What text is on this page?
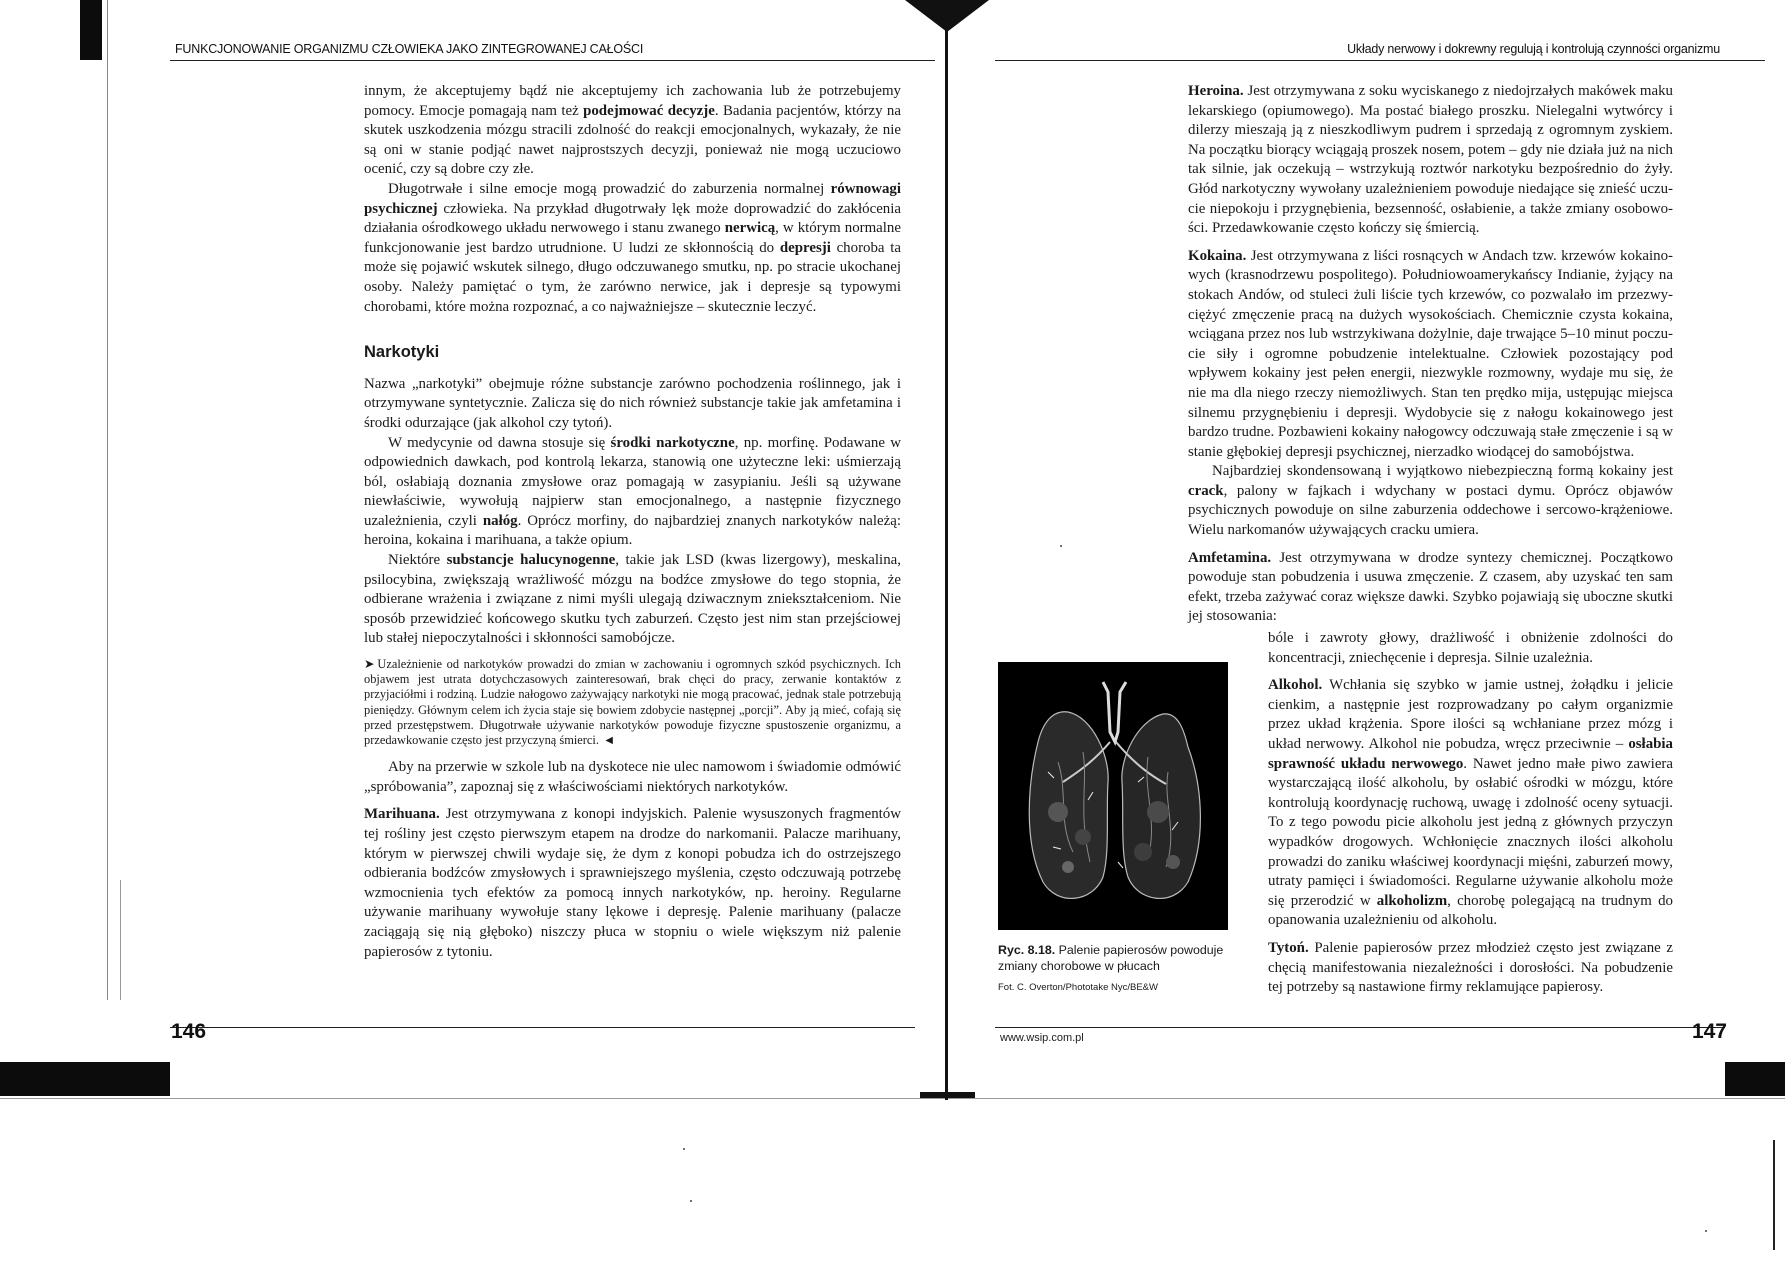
FUNKCJONOWANIE ORGANIZMU CZŁOWIEKA JAKO ZINTEGROWANEJ CAŁOŚCI

innym, że akceptujemy bądź nie akceptujemy ich zachowania lub że potrzebujemy pomocy. Emocje pomagają nam też podejmować decyzje. Badania pacjentów, którzy na skutek uszkodzenia mózgu stracili zdolność do reakcji emocjonalnych, wykazały, że nie są oni w stanie podjąć nawet najprostszych decyzji, ponieważ nie mogą uczuciowo ocenić, czy są dobre czy złe.

Długotrwałe i silne emocje mogą prowadzić do zaburzenia normalnej równowagi psychicznej człowieka. Na przykład długotrwały lęk może doprowadzić do zakłócenia działania ośrodkowego układu nerwowego i stanu zwanego nerwicą, w którym normalne funkcjonowanie jest bardzo utrudnione. U ludzi ze skłonnością do depresji choroba ta może się pojawić wskutek silnego, długo odczuwanego smutku, np. po stracie ukochanej osoby. Należy pamiętać o tym, że zarówno nerwice, jak i depresje są typowymi chorobami, które można rozpoznać, a co najważniejsze – skutecznie leczyć.

Narkotyki

Nazwa „narkotyki” obejmuje różne substancje zarówno pochodzenia roślinnego, jak i otrzymywane syntetycznie. Zalicza się do nich również substancje takie jak amfetamina i środki odurzające (jak alkohol czy tytoń).

W medycynie od dawna stosuje się środki narkotyczne, np. morfinę. Podawane w odpowiednich dawkach, pod kontrolą lekarza, stanowią one użyteczne leki: uśmierzają ból, osłabiają doznania zmysłowe oraz pomagają w zasypianiu. Jeśli są używane niewłaściwie, wywołują najpierw stan emocjonalnego, a następnie fizycznego uzależnienia, czyli nałóg. Oprócz morfiny, do najbardziej znanych narkotyków należą: heroina, kokaina i marihuana, a także opium.

Niektóre substancje halucynogenne, takie jak LSD (kwas lizergowy), meskalina, psilocybina, zwiększają wrażliwość mózgu na bodźce zmysłowe do tego stopnia, że odbierane wrażenia i związane z nimi myśli ulegają dziwacznym zniekształceniom. Nie sposób przewidzieć końcowego skutku tych zaburzeń. Często jest nim stan przejściowej lub stałej niepoczytalności i skłonności samobójcze.

➤ Uzależnienie od narkotyków prowadzi do zmian w zachowaniu i ogromnych szkód psychicznych. Ich objawem jest utrata dotychczasowych zainteresowań, brak chęci do pracy, zerwanie kontaktów z przyjaciółmi i rodziną. Ludzie nałogowo zażywający narkotyki nie mogą pracować, jednak stale potrzebują pieniędzy. Głównym celem ich życia staje się bowiem zdobycie następnej „porcji”. Aby ją mieć, cofają się przed przestępstwem. Długotrwałe używanie narkotyków powoduje fizyczne spustoszenie organizmu, a przedawkowanie często jest przyczyną śmierci. ◄

Aby na przerwie w szkole lub na dyskotece nie ulec namowom i świadomie odmówić „spróbowania”, zapoznaj się z właściwościami niektórych narkotyków.

Marihuana. Jest otrzymywana z konopi indyjskich. Palenie wysuszonych fragmentów tej rośliny jest często pierwszym etapem na drodze do narkomanii. Palacze marihuany, którym w pierwszej chwili wydaje się, że dym z konopi pobudza ich do ostrzejszego odbierania bodźców zmysłowych i sprawniejszego myślenia, często odczuwają potrzebę wzmocnienia tych efektów za pomocą innych narkotyków, np. heroiny. Regularne używanie marihuany wywołuje stany lękowe i depresję. Palenie marihuany (palacze zaciągają się nią głęboko) niszczy płuca w stopniu o wiele większym niż palenie papierosów z tytoniu.

146
Układy nerwowy i dokrewny regulują i kontrolują czynności organizmu

Heroina. Jest otrzymywana z soku wyciskanego z niedojrzałych makówek maku lekarskiego (opiumowego). Ma postać białego proszku. Nielegalni wytwórcy i dilerzy mieszają ją z nieszkodliwym pudrem i sprzedają z ogromnym zyskiem. Na początku biorący wciągają proszek nosem, potem – gdy nie działa już na nich tak silnie, jak oczekują – wstrzykują roztwór narkotyku bezpośrednio do żyły. Głód narkotyczny wywołany uzależnieniem powoduje niedające się znieść uczucie niepokoju i przygnębienia, bezsenność, osłabienie, a także zmiany osobowości. Przedawkowanie często kończy się śmiercią.

Kokaina. Jest otrzymywana z liści rosnących w Andach tzw. krzewów kokainowych (krasnodrzewu pospolitego). Południowoamerykańscy Indianie, żyjący na stokach Andów, od stuleci żuli liście tych krzewów, co pozwalało im przezwyciężyć zmęczenie pracą na dużych wysokościach. Chemicznie czysta kokaina, wciągana przez nos lub wstrzykiwana dożylnie, daje trwające 5–10 minut poczucie siły i ogromne pobudzenie intelektualne. Człowiek pozostający pod wpływem kokainy jest pełen energii, niezwykle rozmowny, wydaje mu się, że nie ma dla niego rzeczy niemożliwych. Stan ten prędko mija, ustępując miejsca silnemu przygnębieniu i depresji. Wydobycie się z nałogu kokainowego jest bardzo trudne. Pozbawieni kokainy nałogowcy odczuwają stałe zmęczenie i są w stanie głębokiej depresji psychicznej, nierzadko wiodącej do samobójstwa.

Najbardziej skondensowaną i wyjątkowo niebezpieczną formą kokainy jest crack, palony w fajkach i wdychany w postaci dymu. Oprócz objawów psychicznych powoduje on silne zaburzenia oddechowe i sercowo-krążeniowe. Wielu narkomanów używających cracku umiera.

Amfetamina. Jest otrzymywana w drodze syntezy chemicznej. Początkowo powoduje stan pobudzenia i usuwa zmęczenie. Z czasem, aby uzyskać ten sam efekt, trzeba zażywać coraz większe dawki. Szybko pojawiają się uboczne skutki jej stosowania:

bóle i zawroty głowy, drażliwość i obniżenie zdolności do koncentracji, zniechęcenie i depresja. Silnie uzależnia.

Alkohol. Wchłania się szybko w jamie ustnej, żołądku i jelicie cienkim, a następnie jest rozprowadzany po całym organizmie przez układ krążenia. Spore ilości są wchłaniane przez mózg i układ nerwowy. Alkohol nie pobudza, wręcz przeciwnie – osłabia sprawność układu nerwowego. Nawet jedno małe piwo zawiera wystarczającą ilość alkoholu, by osłabić ośrodki w mózgu, które kontrolują koordynację ruchową, uwagę i zdolność oceny sytuacji. To z tego powodu picie alkoholu jest jedną z głównych przyczyn wypadków drogowych. Wchłonięcie znacznych ilości alkoholu prowadzi do zaniku właściwej koordynacji mięśni, zaburzeń mowy, utraty pamięci i świadomości. Regularne używanie alkoholu może się przerodzić w alkoholizm, chorobę polegającą na trudnym do opanowania uzależnieniu od alkoholu.

Tytoń. Palenie papierosów przez młodzież często jest związane z chęcią manifestowania niezależności i dorosłości. Na pobudzenie tej potrzeby są nastawione firmy reklamujące papierosy.

147
www.wsip.com.pl
Ryc. 8.18. Palenie papierosów powoduje zmiany chorobowe w płucach
Fot. C. Overton/Phototake Nyc/BE&W
